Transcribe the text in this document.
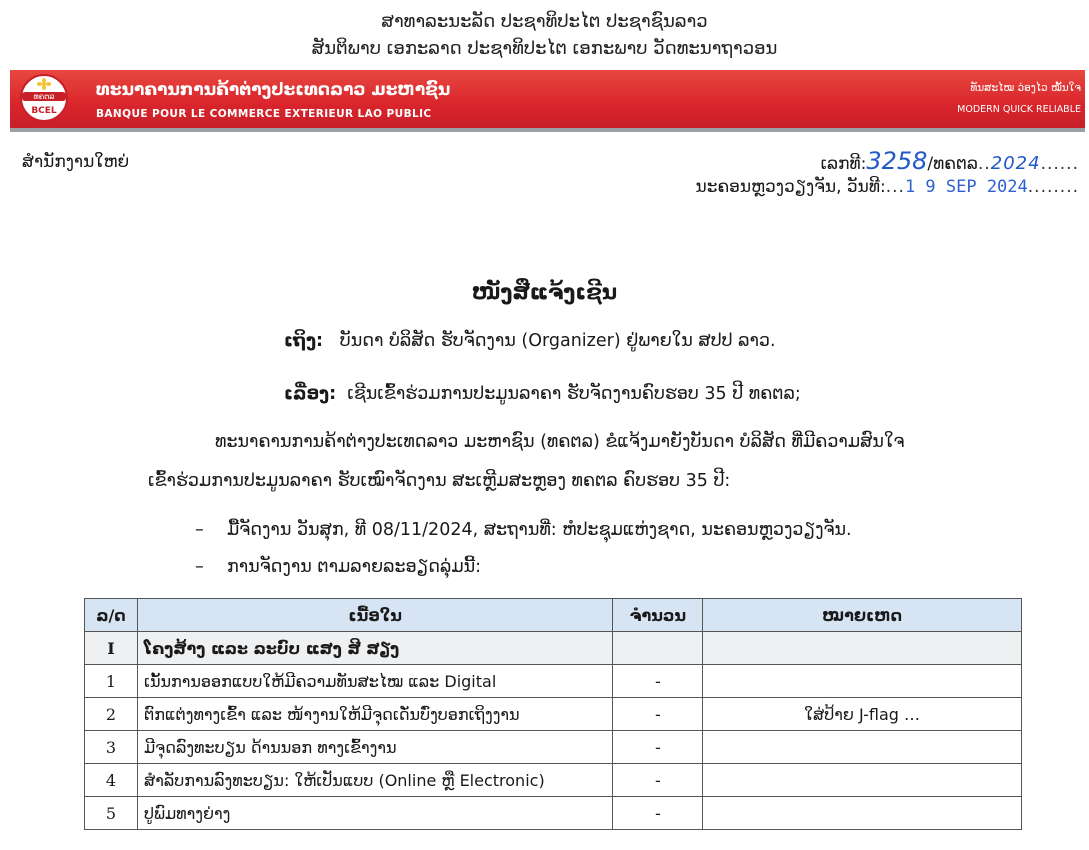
ສາທາລະນະລັດ ປະຊາທິປະໄຕ ປະຊາຊົນລາວ
ສັນຕິພາບ ເອກະລາດ ປະຊາທິປະໄຕ ເອກະພາບ ວັດທະນາຖາວອນ
ທຄຕລ
BCEL
ທະນາຄານການຄ້າຕ່າງປະເທດລາວ ມະຫາຊົນ
BANQUE POUR LE COMMERCE EXTERIEUR LAO PUBLIC
ທັນສະໄໝ ວ່ອງໄວ ໝັ້ນໃຈ
MODERN QUICK RELIABLE
ສຳນັກງານໃຫຍ່	ເລກທີ:3258/ທຄຕລ..2024......
ນະຄອນຫຼວງວຽງຈັນ, ວັນທີ:...1 9 SEP 2024........
ໜັງສືແຈ້ງເຊີນ
ເຖິງ: ບັນດາ ບໍລິສັດ ຮັບຈັດງານ (Organizer) ຢູ່ພາຍໃນ ສປປ ລາວ.
ເລື່ອງ: ເຊີນເຂົ້າຮ່ວມການປະມູນລາຄາ ຮັບຈັດງານຄົບຮອບ 35 ປີ ທຄຕລ;
ທະນາຄານການຄ້າຕ່າງປະເທດລາວ ມະຫາຊົນ (ທຄຕລ) ຂໍແຈ້ງມາຍັງບັນດາ ບໍລິສັດ ທີ່ມີຄວາມສົນໃຈ
ເຂົ້າຮ່ວມການປະມູນລາຄາ ຮັບເໝົາຈັດງານ ສະເຫຼີມສະຫຼອງ ທຄຕລ ຄົບຮອບ 35 ປີ:
– ມື້ຈັດງານ ວັນສຸກ, ທີ 08/11/2024, ສະຖານທີ່: ຫໍປະຊຸມແຫ່ງຊາດ, ນະຄອນຫຼວງວຽງຈັນ.
– ການຈັດງານ ຕາມລາຍລະອຽດລຸ່ມນີ້:
ລ/ດ	ເນື້ອໃນ	ຈຳນວນ	ໝາຍເຫດ
I	ໂຄງສ້າງ ແລະ ລະບົບ ແສງ ສີ ສຽງ		
1	ເນັ້ນການອອກແບບໃຫ້ມີຄວາມທັນສະໄໝ ແລະ Digital	-	
2	ຕົກແຕ່ງທາງເຂົ້າ ແລະ ໜ້າງານໃຫ້ມີຈຸດເດັ່ນບົ່ງບອກເຖິງງານ	-	ໃສ່ປ້າຍ J-flag …
3	ມີຈຸດລົງທະບຽນ ດ້ານນອກ ທາງເຂົ້າງານ	-	
4	ສຳລັບການລົງທະບຽນ: ໃຫ້ເປັນແບບ (Online ຫຼື Electronic)	-	
5	ປູພົມທາງຍ່າງ	-	
